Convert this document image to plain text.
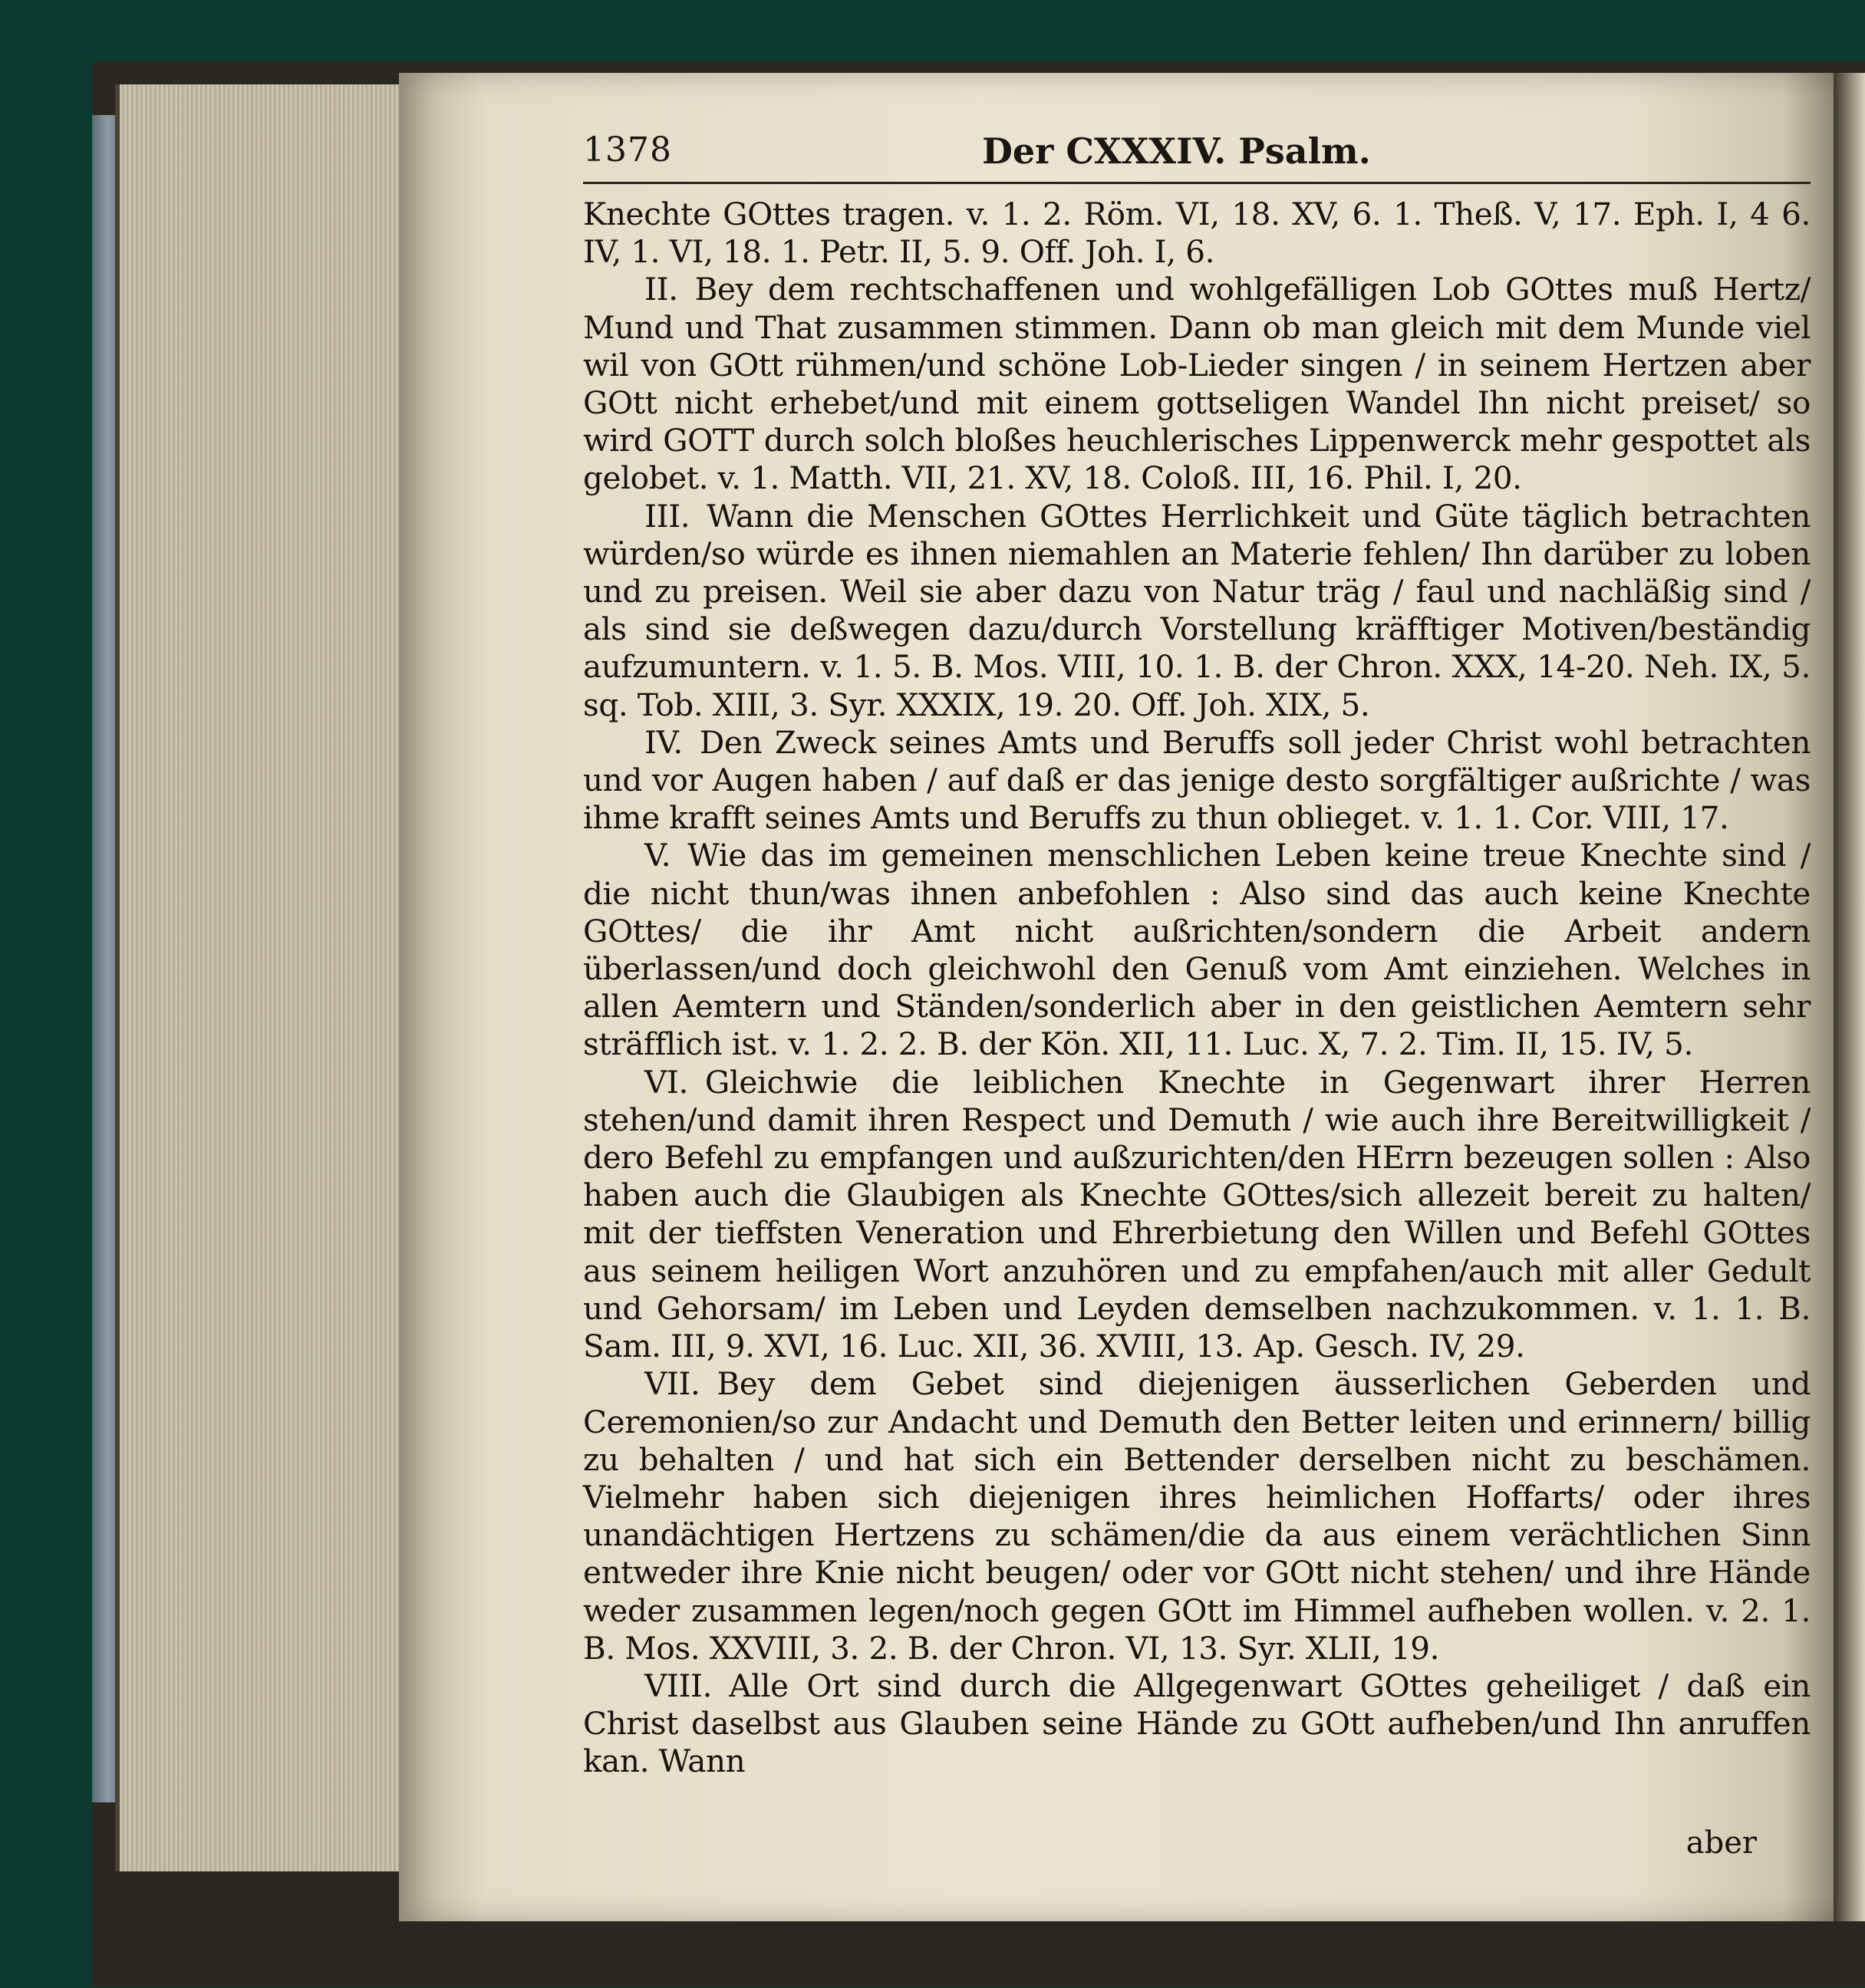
1378	Der CXXXIV. Psalm.

Knechte GOttes tragen. v. 1. 2. Röm. VI, 18. XV, 6. 1. Theß. V, 17. Eph. I, 4 6. IV, 1. VI, 18. 1. Petr. II, 5. 9. Off. Joh. I, 6.

II. Bey dem rechtschaffenen und wohlgefälligen Lob GOttes muß Hertz/ Mund und That zusammen stimmen. Dann ob man gleich mit dem Munde viel wil von GOtt rühmen/und schöne Lob-Lieder singen / in seinem Hertzen aber GOtt nicht erhebet/und mit einem gottseligen Wandel Ihn nicht preiset/ so wird GOTT durch solch bloßes heuchlerisches Lippenwerck mehr gespottet als gelobet. v. 1. Matth. VII, 21. XV, 18. Coloß. III, 16. Phil. I, 20.

III. Wann die Menschen GOttes Herrlichkeit und Güte täglich betrachten würden/so würde es ihnen niemahlen an Materie fehlen/ Ihn darüber zu loben und zu preisen. Weil sie aber dazu von Natur träg / faul und nachläßig sind / als sind sie deßwegen dazu/durch Vorstellung kräfftiger Motiven/beständig aufzumuntern. v. 1. 5. B. Mos. VIII, 10. 1. B. der Chron. XXX, 14-20. Neh. IX, 5. sq. Tob. XIII, 3. Syr. XXXIX, 19. 20. Off. Joh. XIX, 5.

IV. Den Zweck seines Amts und Beruffs soll jeder Christ wohl betrachten und vor Augen haben / auf daß er das jenige desto sorgfältiger außrichte / was ihme krafft seines Amts und Beruffs zu thun oblieget. v. 1. 1. Cor. VIII, 17.

V. Wie das im gemeinen menschlichen Leben keine treue Knechte sind / die nicht thun/was ihnen anbefohlen : Also sind das auch keine Knechte GOttes/ die ihr Amt nicht außrichten/sondern die Arbeit andern überlassen/und doch gleichwohl den Genuß vom Amt einziehen. Welches in allen Aemtern und Ständen/sonderlich aber in den geistlichen Aemtern sehr sträfflich ist. v. 1. 2. 2. B. der Kön. XII, 11. Luc. X, 7. 2. Tim. II, 15. IV, 5.

VI. Gleichwie die leiblichen Knechte in Gegenwart ihrer Herren stehen/und damit ihren Respect und Demuth / wie auch ihre Bereitwilligkeit / dero Befehl zu empfangen und außzurichten/den HErrn bezeugen sollen : Also haben auch die Glaubigen als Knechte GOttes/sich allezeit bereit zu halten/ mit der tieffsten Veneration und Ehrerbietung den Willen und Befehl GOttes aus seinem heiligen Wort anzuhören und zu empfahen/auch mit aller Gedult und Gehorsam/ im Leben und Leyden demselben nachzukommen. v. 1. 1. B. Sam. III, 9. XVI, 16. Luc. XII, 36. XVIII, 13. Ap. Gesch. IV, 29.

VII. Bey dem Gebet sind diejenigen äusserlichen Geberden und Ceremonien/so zur Andacht und Demuth den Better leiten und erinnern/ billig zu behalten / und hat sich ein Bettender derselben nicht zu beschämen. Vielmehr haben sich diejenigen ihres heimlichen Hoffarts/ oder ihres unandächtigen Hertzens zu schämen/die da aus einem verächtlichen Sinn entweder ihre Knie nicht beugen/ oder vor GOtt nicht stehen/ und ihre Hände weder zusammen legen/noch gegen GOtt im Himmel aufheben wollen. v. 2. 1. B. Mos. XXVIII, 3. 2. B. der Chron. VI, 13. Syr. XLII, 19.

VIII. Alle Ort sind durch die Allgegenwart GOttes geheiliget / daß ein Christ daselbst aus Glauben seine Hände zu GOtt aufheben/und Ihn anruffen kan. Wann

aber
